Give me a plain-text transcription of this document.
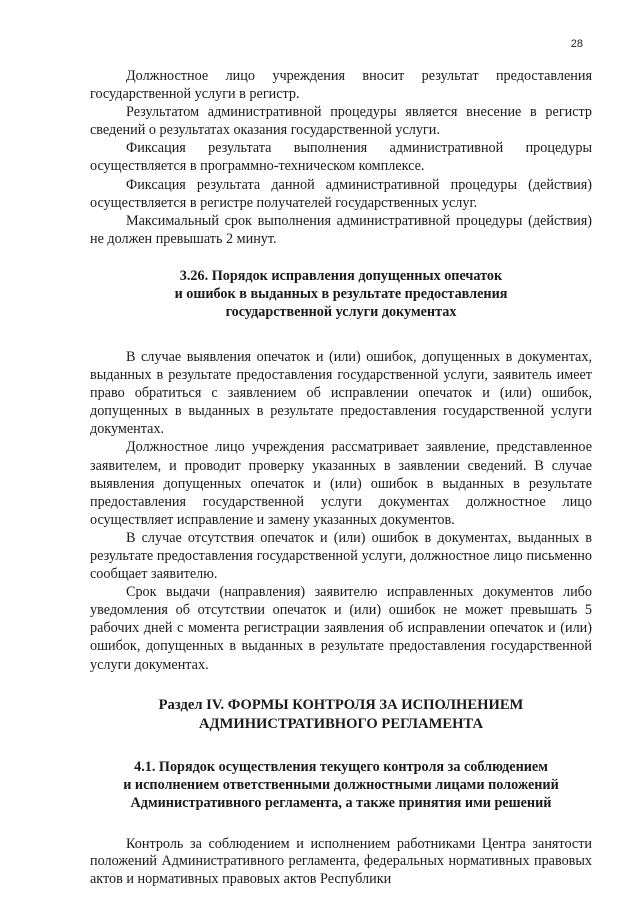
28

Должностное лицо учреждения вносит результат предоставления государственной услуги в регистр.

Результатом административной процедуры является внесение в регистр сведений о результатах оказания государственной услуги.

Фиксация результата выполнения административной процедуры осуществляется в программно-техническом комплексе.

Фиксация результата данной административной процедуры (действия) осуществляется в регистре получателей государственных услуг.

Максимальный срок выполнения административной процедуры (действия) не должен превышать 2 минут.

3.26. Порядок исправления допущенных опечаток
и ошибок в выданных в результате предоставления
государственной услуги документах

В случае выявления опечаток и (или) ошибок, допущенных в документах, выданных в результате предоставления государственной услуги, заявитель имеет право обратиться с заявлением об исправлении опечаток и (или) ошибок, допущенных в выданных в результате предоставления государственной услуги документах.

Должностное лицо учреждения рассматривает заявление, представленное заявителем, и проводит проверку указанных в заявлении сведений. В случае выявления допущенных опечаток и (или) ошибок в выданных в результате предоставления государственной услуги документах должностное лицо осуществляет исправление и замену указанных документов.

В случае отсутствия опечаток и (или) ошибок в документах, выданных в результате предоставления государственной услуги, должностное лицо письменно сообщает заявителю.

Срок выдачи (направления) заявителю исправленных документов либо уведомления об отсутствии опечаток и (или) ошибок не может превышать 5 рабочих дней с момента регистрации заявления об исправлении опечаток и (или) ошибок, допущенных в выданных в результате предоставления государственной услуги документах.

Раздел IV. ФОРМЫ КОНТРОЛЯ ЗА ИСПОЛНЕНИЕМ
АДМИНИСТРАТИВНОГО РЕГЛАМЕНТА
4.1. Порядок осуществления текущего контроля за соблюдением
и исполнением ответственными должностными лицами положений
Административного регламента, а также принятия ими решений

Контроль за соблюдением и исполнением работниками Центра занятости положений Административного регламента, федеральных нормативных правовых актов и нормативных правовых актов Республики
